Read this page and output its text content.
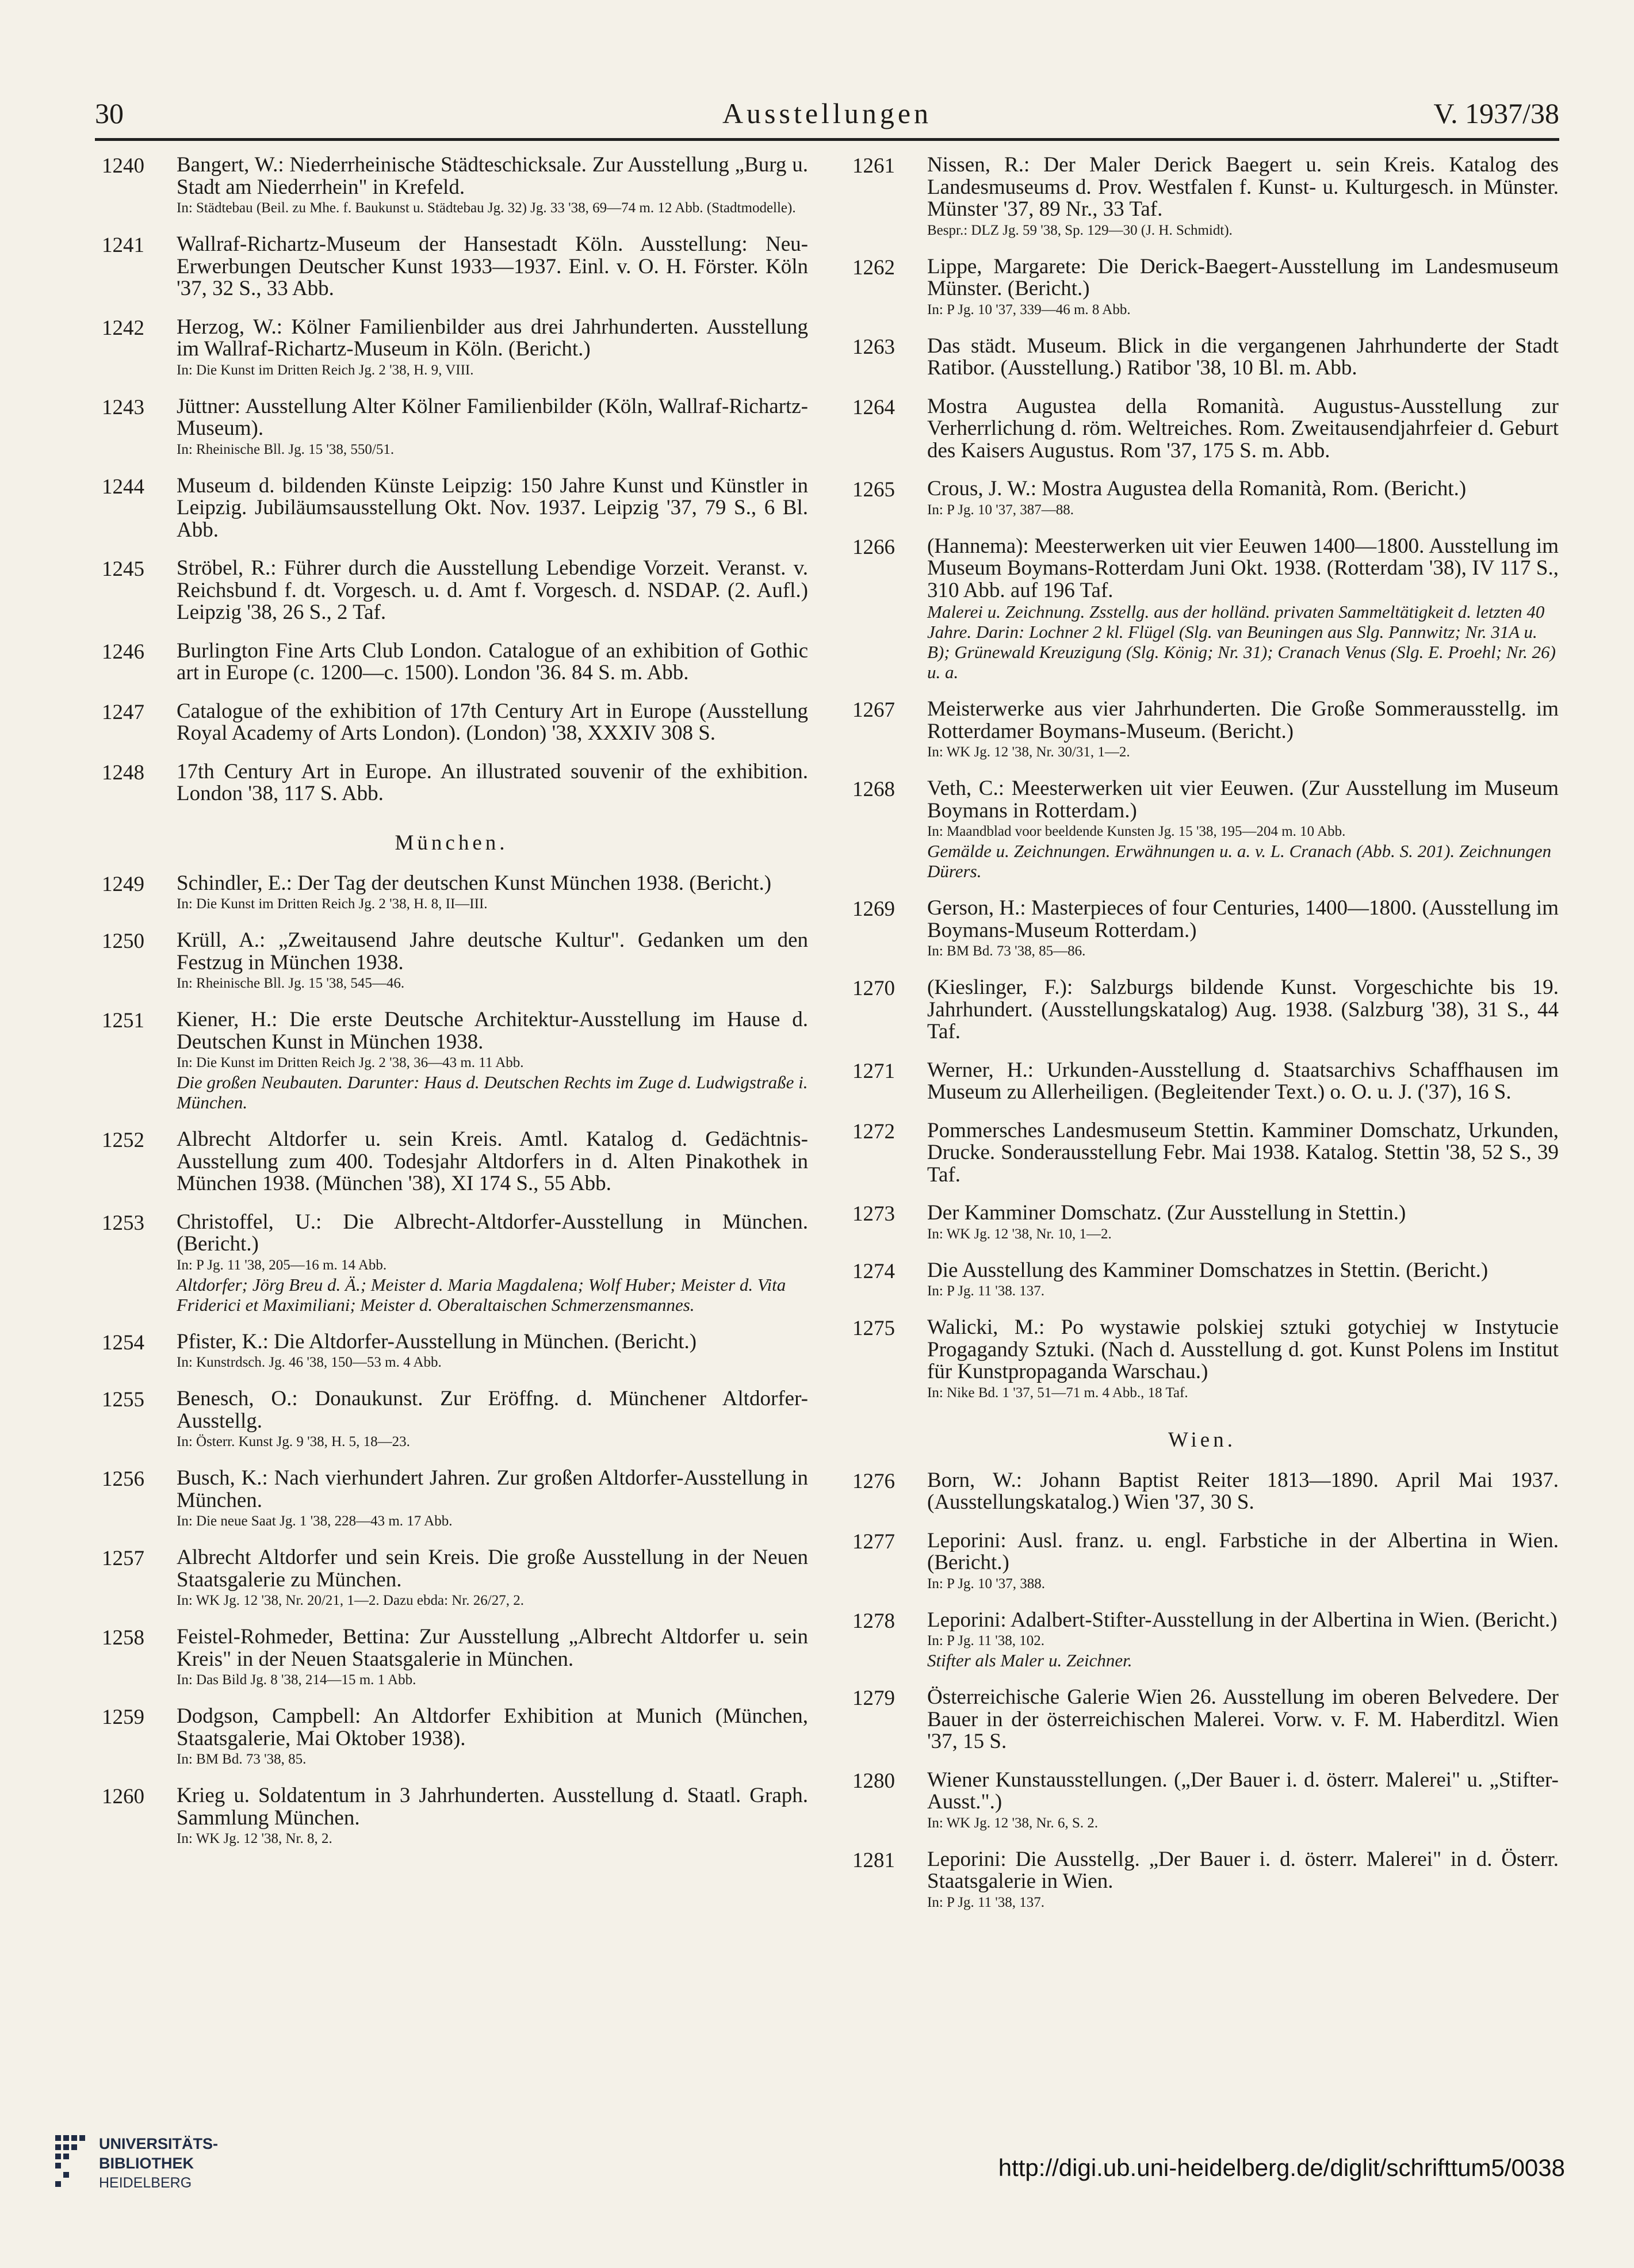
30	Ausstellungen	V. 1937/38
1240	Bangert, W.: Niederrheinische Städteschicksale. Zur Ausstellung „Burg u. Stadt am Niederrhein" in Krefeld.
In: Städtebau (Beil. zu Mhe. f. Baukunst u. Städtebau Jg. 32) Jg. 33 '38, 69—74 m. 12 Abb. (Stadtmodelle).
1241	Wallraf-Richartz-Museum der Hansestadt Köln. Ausstellung: Neu-Erwerbungen Deutscher Kunst 1933—1937. Einl. v. O. H. Förster. Köln '37, 32 S., 33 Abb.
1242	Herzog, W.: Kölner Familienbilder aus drei Jahrhunderten. Ausstellung im Wallraf-Richartz-Museum in Köln. (Bericht.)
In: Die Kunst im Dritten Reich Jg. 2 '38, H. 9, VIII.
1243	Jüttner: Ausstellung Alter Kölner Familienbilder (Köln, Wallraf-Richartz-Museum).
In: Rheinische Bll. Jg. 15 '38, 550/51.
1244	Museum d. bildenden Künste Leipzig: 150 Jahre Kunst und Künstler in Leipzig. Jubiläumsausstellung Okt. Nov. 1937. Leipzig '37, 79 S., 6 Bl. Abb.
1245	Ströbel, R.: Führer durch die Ausstellung Lebendige Vorzeit. Veranst. v. Reichsbund f. dt. Vorgesch. u. d. Amt f. Vorgesch. d. NSDAP. (2. Aufl.) Leipzig '38, 26 S., 2 Taf.
1246	Burlington Fine Arts Club London. Catalogue of an exhibition of Gothic art in Europe (c. 1200—c. 1500). London '36. 84 S. m. Abb.
1247	Catalogue of the exhibition of 17th Century Art in Europe (Ausstellung Royal Academy of Arts London). (London) '38, XXXIV 308 S.
1248	17th Century Art in Europe. An illustrated souvenir of the exhibition. London '38, 117 S. Abb.
München.
1249	Schindler, E.: Der Tag der deutschen Kunst München 1938. (Bericht.)
In: Die Kunst im Dritten Reich Jg. 2 '38, H. 8, II—III.
1250	Krüll, A.: „Zweitausend Jahre deutsche Kultur". Gedanken um den Festzug in München 1938.
In: Rheinische Bll. Jg. 15 '38, 545—46.
1251	Kiener, H.: Die erste Deutsche Architektur-Ausstellung im Hause d. Deutschen Kunst in München 1938.
In: Die Kunst im Dritten Reich Jg. 2 '38, 36—43 m. 11 Abb.
Die großen Neubauten. Darunter: Haus d. Deutschen Rechts im Zuge d. Ludwigstraße i. München.
1252	Albrecht Altdorfer u. sein Kreis. Amtl. Katalog d. Gedächtnis-Ausstellung zum 400. Todesjahr Altdorfers in d. Alten Pinakothek in München 1938. (München '38), XI 174 S., 55 Abb.
1253	Christoffel, U.: Die Albrecht-Altdorfer-Ausstellung in München. (Bericht.)
In: P Jg. 11 '38, 205—16 m. 14 Abb.
Altdorfer; Jörg Breu d. Ä.; Meister d. Maria Magdalena; Wolf Huber; Meister d. Vita Friderici et Maximiliani; Meister d. Oberaltaischen Schmerzensmannes.
1254	Pfister, K.: Die Altdorfer-Ausstellung in München. (Bericht.)
In: Kunstrdsch. Jg. 46 '38, 150—53 m. 4 Abb.
1255	Benesch, O.: Donaukunst. Zur Eröffng. d. Münchener Altdorfer-Ausstellg.
In: Österr. Kunst Jg. 9 '38, H. 5, 18—23.
1256	Busch, K.: Nach vierhundert Jahren. Zur großen Altdorfer-Ausstellung in München.
In: Die neue Saat Jg. 1 '38, 228—43 m. 17 Abb.
1257	Albrecht Altdorfer und sein Kreis. Die große Ausstellung in der Neuen Staatsgalerie zu München.
In: WK Jg. 12 '38, Nr. 20/21, 1—2. Dazu ebda: Nr. 26/27, 2.
1258	Feistel-Rohmeder, Bettina: Zur Ausstellung „Albrecht Altdorfer u. sein Kreis" in der Neuen Staatsgalerie in München.
In: Das Bild Jg. 8 '38, 214—15 m. 1 Abb.
1259	Dodgson, Campbell: An Altdorfer Exhibition at Munich (München, Staatsgalerie, Mai Oktober 1938).
In: BM Bd. 73 '38, 85.
1260	Krieg u. Soldatentum in 3 Jahrhunderten. Ausstellung d. Staatl. Graph. Sammlung München.
In: WK Jg. 12 '38, Nr. 8, 2.
1261	Nissen, R.: Der Maler Derick Baegert u. sein Kreis. Katalog des Landesmuseums d. Prov. Westfalen f. Kunst- u. Kulturgesch. in Münster. Münster '37, 89 Nr., 33 Taf.
Bespr.: DLZ Jg. 59 '38, Sp. 129—30 (J. H. Schmidt).
1262	Lippe, Margarete: Die Derick-Baegert-Ausstellung im Landesmuseum Münster. (Bericht.)
In: P Jg. 10 '37, 339—46 m. 8 Abb.
1263	Das städt. Museum. Blick in die vergangenen Jahrhunderte der Stadt Ratibor. (Ausstellung.) Ratibor '38, 10 Bl. m. Abb.
1264	Mostra Augustea della Romanità. Augustus-Ausstellung zur Verherrlichung d. röm. Weltreiches. Rom. Zweitausendjahrfeier d. Geburt des Kaisers Augustus. Rom '37, 175 S. m. Abb.
1265	Crous, J. W.: Mostra Augustea della Romanità, Rom. (Bericht.)
In: P Jg. 10 '37, 387—88.
1266	(Hannema): Meesterwerken uit vier Eeuwen 1400—1800. Ausstellung im Museum Boymans-Rotterdam Juni Okt. 1938. (Rotterdam '38), IV 117 S., 310 Abb. auf 196 Taf.
Malerei u. Zeichnung. Zsstellg. aus der holländ. privaten Sammeltätigkeit d. letzten 40 Jahre. Darin: Lochner 2 kl. Flügel (Slg. van Beuningen aus Slg. Pannwitz; Nr. 31A u. B); Grünewald Kreuzigung (Slg. König; Nr. 31); Cranach Venus (Slg. E. Proehl; Nr. 26) u. a.
1267	Meisterwerke aus vier Jahrhunderten. Die Große Sommerausstellg. im Rotterdamer Boymans-Museum. (Bericht.)
In: WK Jg. 12 '38, Nr. 30/31, 1—2.
1268	Veth, C.: Meesterwerken uit vier Eeuwen. (Zur Ausstellung im Museum Boymans in Rotterdam.)
In: Maandblad voor beeldende Kunsten Jg. 15 '38, 195—204 m. 10 Abb.
Gemälde u. Zeichnungen. Erwähnungen u. a. v. L. Cranach (Abb. S. 201). Zeichnungen Dürers.
1269	Gerson, H.: Masterpieces of four Centuries, 1400—1800. (Ausstellung im Boymans-Museum Rotterdam.)
In: BM Bd. 73 '38, 85—86.
1270	(Kieslinger, F.): Salzburgs bildende Kunst. Vorgeschichte bis 19. Jahrhundert. (Ausstellungskatalog) Aug. 1938. (Salzburg '38), 31 S., 44 Taf.
1271	Werner, H.: Urkunden-Ausstellung d. Staatsarchivs Schaffhausen im Museum zu Allerheiligen. (Begleitender Text.) o. O. u. J. ('37), 16 S.
1272	Pommersches Landesmuseum Stettin. Kamminer Domschatz, Urkunden, Drucke. Sonderausstellung Febr. Mai 1938. Katalog. Stettin '38, 52 S., 39 Taf.
1273	Der Kamminer Domschatz. (Zur Ausstellung in Stettin.)
In: WK Jg. 12 '38, Nr. 10, 1—2.
1274	Die Ausstellung des Kamminer Domschatzes in Stettin. (Bericht.)
In: P Jg. 11 '38. 137.
1275	Walicki, M.: Po wystawie polskiej sztuki gotychiej w Instytucie Progagandy Sztuki. (Nach d. Ausstellung d. got. Kunst Polens im Institut für Kunstpropaganda Warschau.)
In: Nike Bd. 1 '37, 51—71 m. 4 Abb., 18 Taf.
Wien.
1276	Born, W.: Johann Baptist Reiter 1813—1890. April Mai 1937. (Ausstellungskatalog.) Wien '37, 30 S.
1277	Leporini: Ausl. franz. u. engl. Farbstiche in der Albertina in Wien. (Bericht.)
In: P Jg. 10 '37, 388.
1278	Leporini: Adalbert-Stifter-Ausstellung in der Albertina in Wien. (Bericht.)
In: P Jg. 11 '38, 102.
Stifter als Maler u. Zeichner.
1279	Österreichische Galerie Wien 26. Ausstellung im oberen Belvedere. Der Bauer in der österreichischen Malerei. Vorw. v. F. M. Haberditzl. Wien '37, 15 S.
1280	Wiener Kunstausstellungen. („Der Bauer i. d. österr. Malerei" u. „Stifter-Ausst.".)
In: WK Jg. 12 '38, Nr. 6, S. 2.
1281	Leporini: Die Ausstellg. „Der Bauer i. d. österr. Malerei" in d. Österr. Staatsgalerie in Wien.
In: P Jg. 11 '38, 137.
UNIVERSITÄTS-
BIBLIOTHEK
HEIDELBERG
http://digi.ub.uni-heidelberg.de/diglit/schrifttum5/0038
